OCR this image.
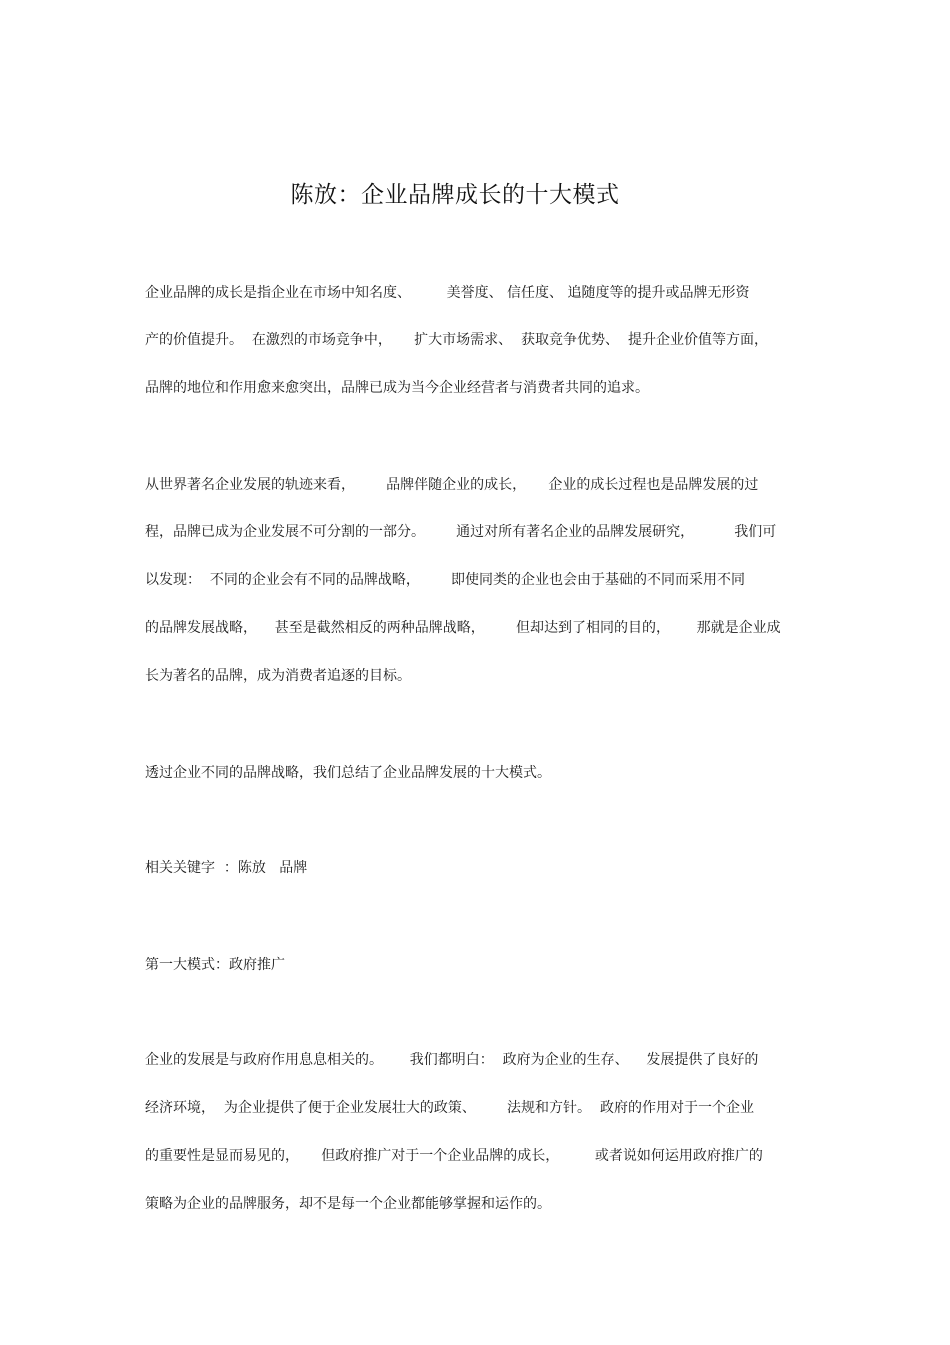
陈放：企业品牌成长的十大模式
企业品牌的成长是指企业在市场中知名度、        美誉度、 信任度、 追随度等的提升或品牌无形资
产的价值提升。  在激烈的市场竞争中，     扩大市场需求、  获取竞争优势、  提升企业价值等方面，
品牌的地位和作用愈来愈突出，品牌已成为当今企业经营者与消费者共同的追求。
从世界著名企业发展的轨迹来看，       品牌伴随企业的成长，     企业的成长过程也是品牌发展的过
程，品牌已成为企业发展不可分割的一部分。       通过对所有著名企业的品牌发展研究，         我们可
以发现：  不同的企业会有不同的品牌战略，       即使同类的企业也会由于基础的不同而采用不同
的品牌发展战略，    甚至是截然相反的两种品牌战略，       但却达到了相同的目的，      那就是企业成
长为著名的品牌，成为消费者追逐的目标。
透过企业不同的品牌战略，我们总结了企业品牌发展的十大模式。
相关关键字  ：陈放   品牌
第一大模式：政府推广
企业的发展是与政府作用息息相关的。      我们都明白：  政府为企业的生存、    发展提供了良好的
经济环境，  为企业提供了便于企业发展壮大的政策、       法规和方针。  政府的作用对于一个企业
的重要性是显而易见的，     但政府推广对于一个企业品牌的成长，        或者说如何运用政府推广的
策略为企业的品牌服务，却不是每一个企业都能够掌握和运作的。
